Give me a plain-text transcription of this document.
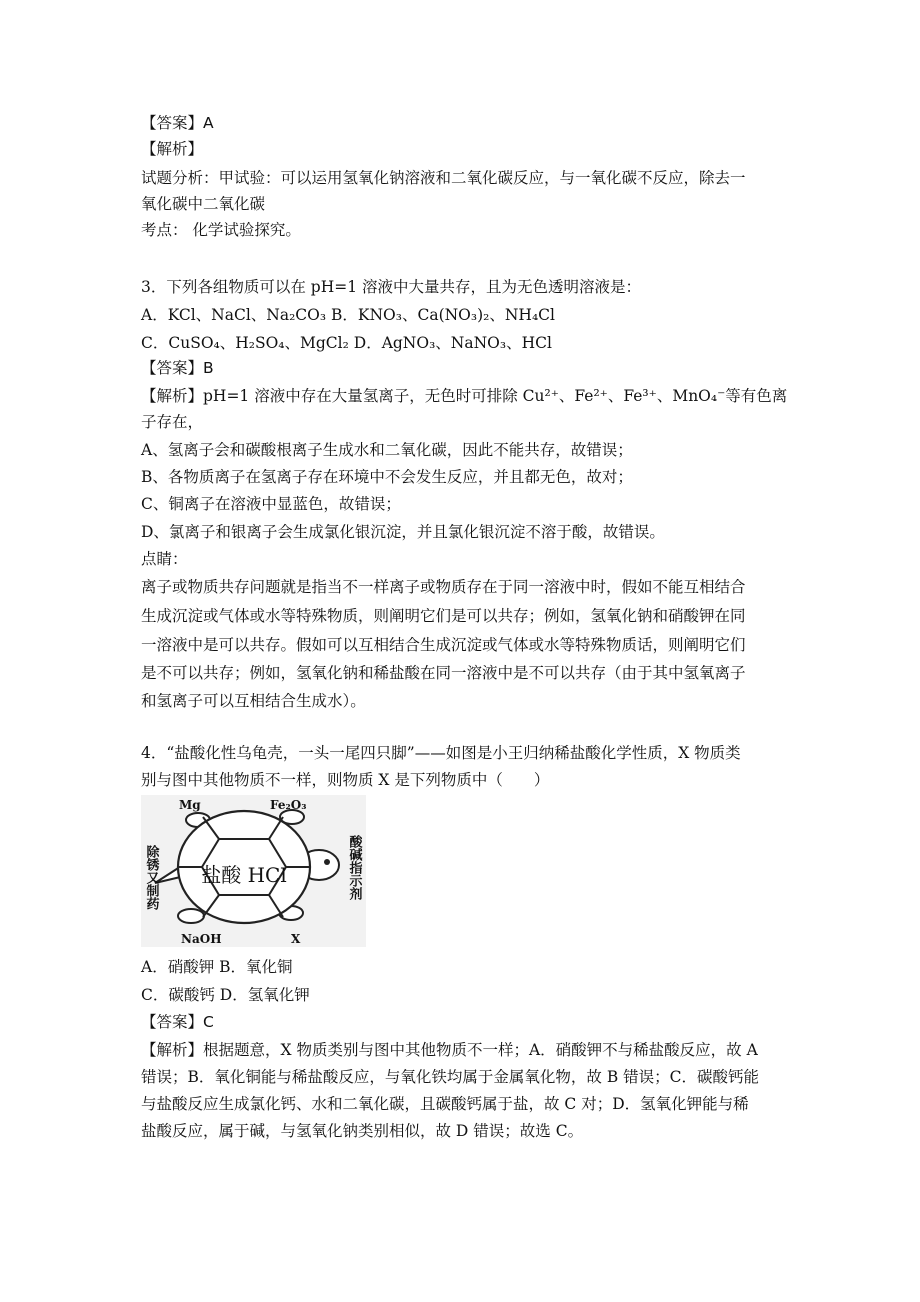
【答案】A
【解析】
试题分析：甲试验：可以运用氢氧化钠溶液和二氧化碳反应，与一氧化碳不反应，除去一
氧化碳中二氧化碳
考点： 化学试验探究。
3．下列各组物质可以在 pH=1 溶液中大量共存，且为无色透明溶液是：
A．KCl、NaCl、Na₂CO₃ B．KNO₃、Ca(NO₃)₂、NH₄Cl
C．CuSO₄、H₂SO₄、MgCl₂ D．AgNO₃、NaNO₃、HCl
【答案】B
【解析】pH=1 溶液中存在大量氢离子，无色时可排除 Cu²⁺、Fe²⁺、Fe³⁺、MnO₄⁻等有色离
子存在，
A、氢离子会和碳酸根离子生成水和二氧化碳，因此不能共存，故错误；
B、各物质离子在氢离子存在环境中不会发生反应，并且都无色，故对；
C、铜离子在溶液中显蓝色，故错误；
D、氯离子和银离子会生成氯化银沉淀，并且氯化银沉淀不溶于酸，故错误。
点睛：
离子或物质共存问题就是指当不一样离子或物质存在于同一溶液中时，假如不能互相结合
生成沉淀或气体或水等特殊物质，则阐明它们是可以共存；例如，氢氧化钠和硝酸钾在同
一溶液中是可以共存。假如可以互相结合生成沉淀或气体或水等特殊物质话，则阐明它们
是不可以共存；例如，氢氧化钠和稀盐酸在同一溶液中是不可以共存（由于其中氢氧离子
和氢离子可以互相结合生成水）。
4．“盐酸化性乌龟壳，一头一尾四只脚”——如图是小王归纳稀盐酸化学性质，X 物质类
别与图中其他物质不一样，则物质 X 是下列物质中（　　）
Mg	Fe₂O₃
盐酸 HCl
NaOH	X
除锈又制药	酸碱指示剂
A．硝酸钾 B．氧化铜
C．碳酸钙 D．氢氧化钾
【答案】C
【解析】根据题意，X 物质类别与图中其他物质不一样；A．硝酸钾不与稀盐酸反应，故 A
错误；B．氧化铜能与稀盐酸反应，与氧化铁均属于金属氧化物，故 B 错误；C．碳酸钙能
与盐酸反应生成氯化钙、水和二氧化碳，且碳酸钙属于盐，故 C 对；D．氢氧化钾能与稀
盐酸反应，属于碱，与氢氧化钠类别相似，故 D 错误；故选 C。
